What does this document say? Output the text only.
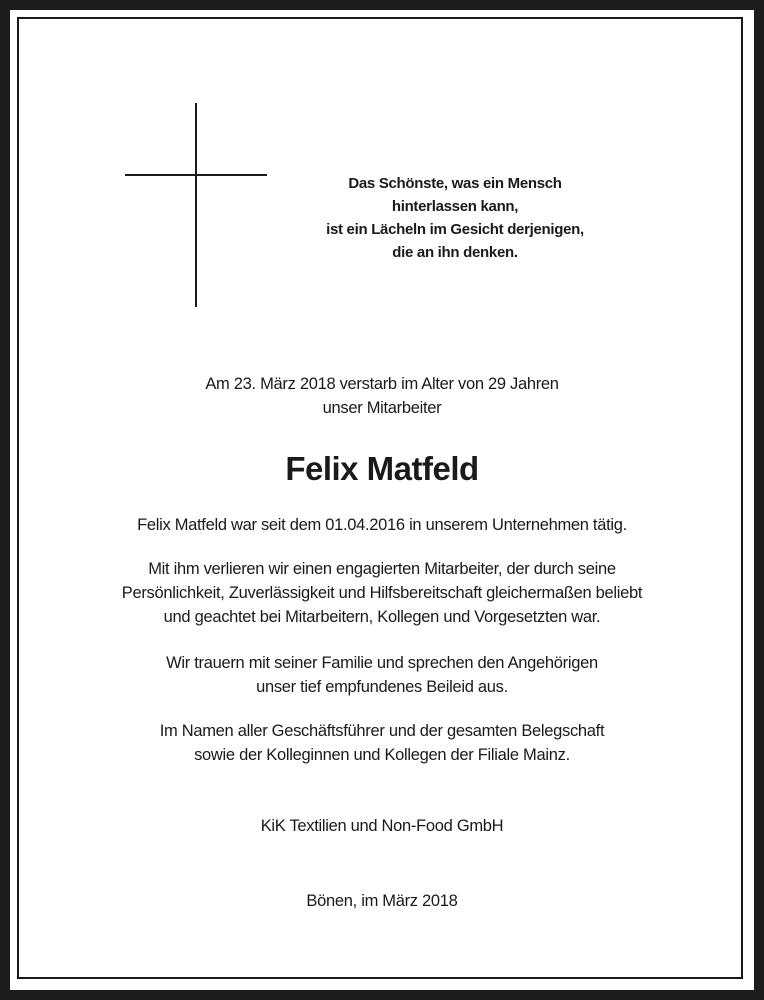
Das Schönste, was ein Mensch
hinterlassen kann,
ist ein Lächeln im Gesicht derjenigen,
die an ihn denken.
Am 23. März 2018 verstarb im Alter von 29 Jahren
unser Mitarbeiter
Felix Matfeld
Felix Matfeld war seit dem 01.04.2016 in unserem Unternehmen tätig.
Mit ihm verlieren wir einen engagierten Mitarbeiter, der durch seine
Persönlichkeit, Zuverlässigkeit und Hilfsbereitschaft gleichermaßen beliebt
und geachtet bei Mitarbeitern, Kollegen und Vorgesetzten war.
Wir trauern mit seiner Familie und sprechen den Angehörigen
unser tief empfundenes Beileid aus.
Im Namen aller Geschäftsführer und der gesamten Belegschaft
sowie der Kolleginnen und Kollegen der Filiale Mainz.
KiK Textilien und Non-Food GmbH
Bönen, im März 2018
